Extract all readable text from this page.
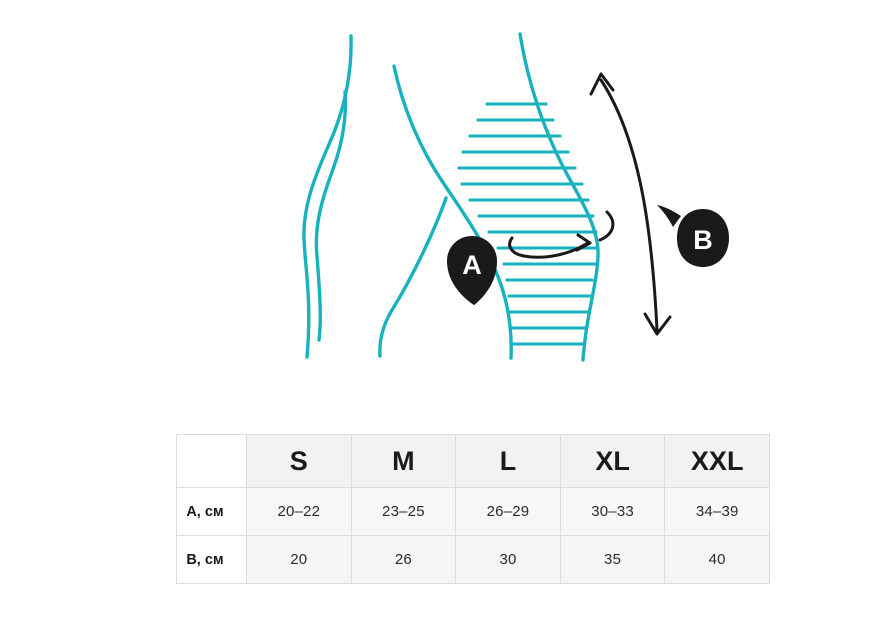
A
B
	S	M	L	XL	XXL
A, см	20–22	23–25	26–29	30–33	34–39
B, см	20	26	30	35	40
